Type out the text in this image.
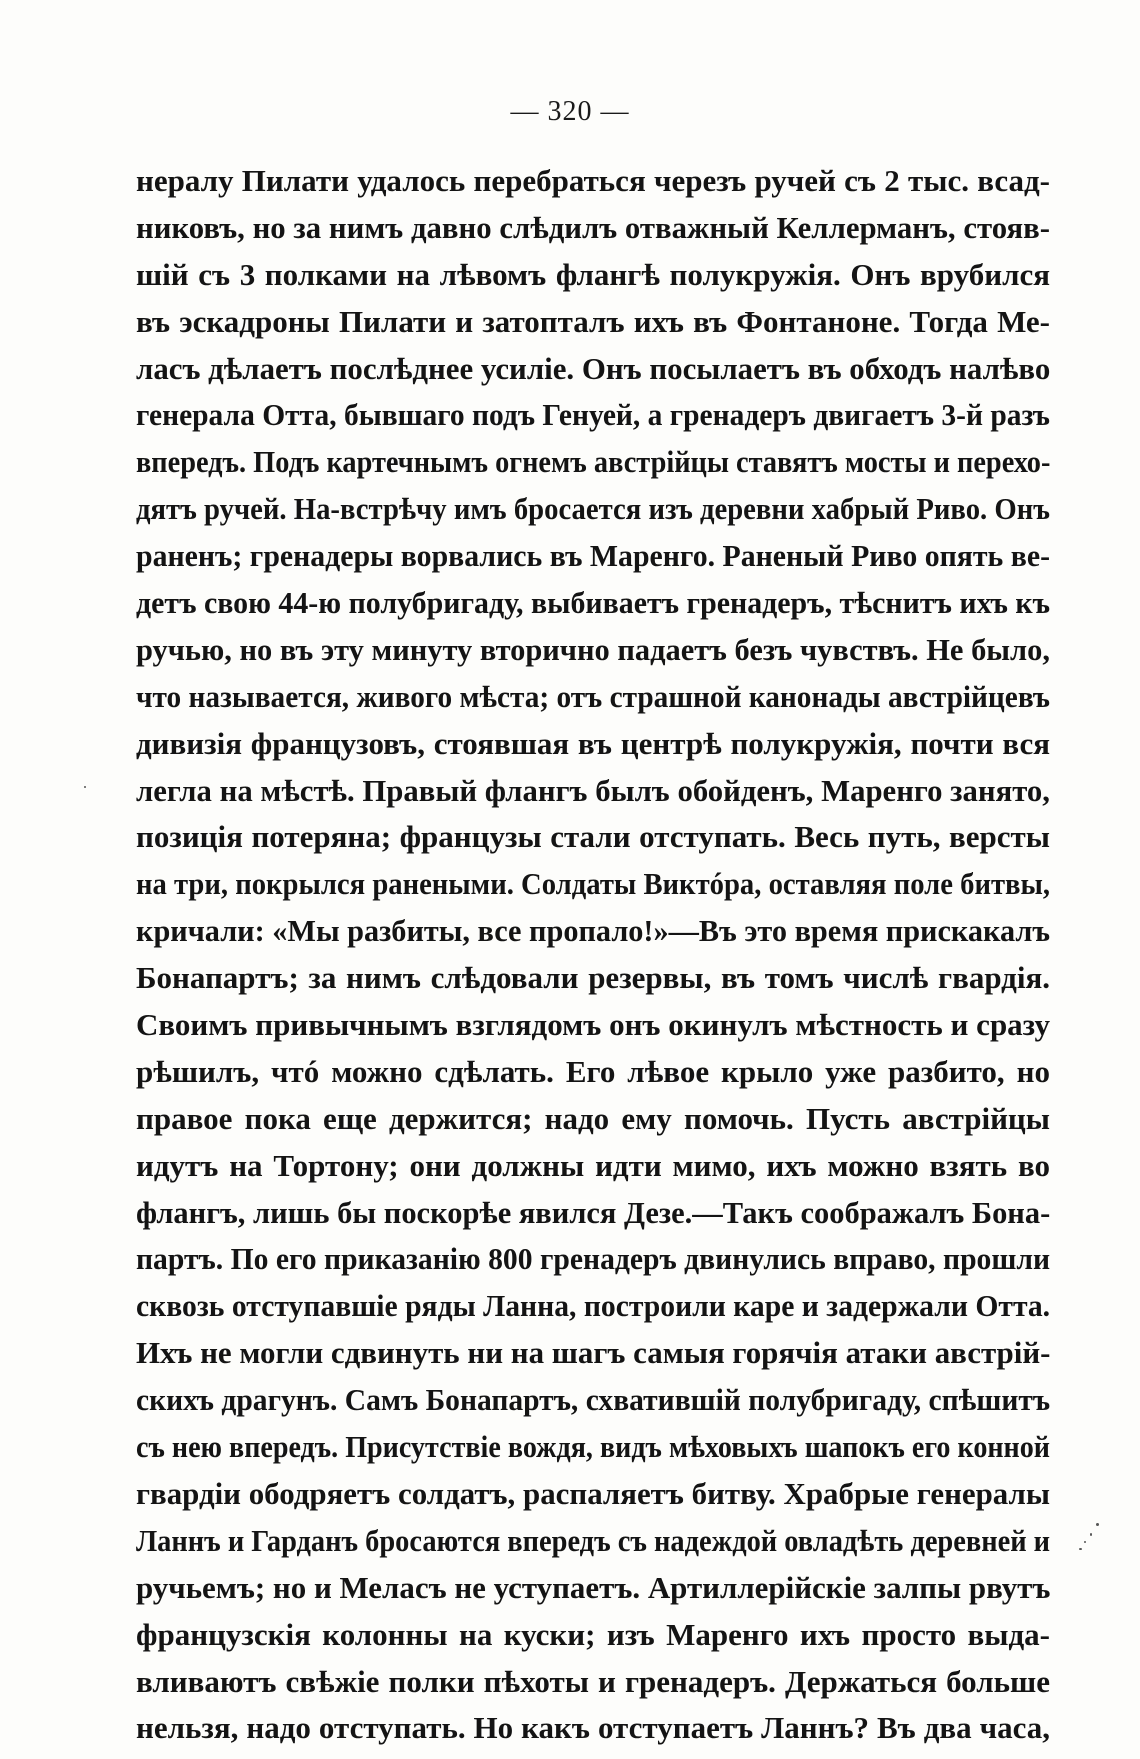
— 320 —
нералу Пилати удалось перебраться черезъ ручей съ 2 тыс. всад-
никовъ, но за нимъ давно слѣдилъ отважный Келлерманъ, стояв-
шій съ 3 полками на лѣвомъ флангѣ полукружія. Онъ врубился
въ эскадроны Пилати и затопталъ ихъ въ Фонтаноне. Тогда Ме-
ласъ дѣлаетъ послѣднее усиліе. Онъ посылаетъ въ обходъ налѣво
генерала Отта, бывшаго подъ Генуей, а гренадеръ двигаетъ 3-й разъ
впередъ. Подъ картечнымъ огнемъ австрійцы ставятъ мосты и перехо-
дятъ ручей. На-встрѣчу имъ бросается изъ деревни хабрый Риво. Онъ
раненъ; гренадеры ворвались въ Маренго. Раненый Риво опять ве-
детъ свою 44-ю полубригаду, выбиваетъ гренадеръ, тѣснитъ ихъ къ
ручью, но въ эту минуту вторично падаетъ безъ чувствъ. Не было,
что называется, живого мѣста; отъ страшной канонады австрійцевъ
дивизія французовъ, стоявшая въ центрѣ полукружія, почти вся
легла на мѣстѣ. Правый флангъ былъ обойденъ, Маренго занято,
позиція потеряна; французы стали отступать. Весь путь, версты
на три, покрылся ранеными. Солдаты Виктóра, оставляя поле битвы,
кричали: «Мы разбиты, все пропало!»—Въ это время прискакалъ
Бонапартъ; за нимъ слѣдовали резервы, въ томъ числѣ гвардія.
Своимъ привычнымъ взглядомъ онъ окинулъ мѣстность и сразу
рѣшилъ, чтó можно сдѣлать. Его лѣвое крыло уже разбито, но
правое пока еще держится; надо ему помочь. Пусть австрійцы
идутъ на Тортону; они должны идти мимо, ихъ можно взять во
флангъ, лишь бы поскорѣе явился Дезе.—Такъ соображалъ Бона-
партъ. По его приказанію 800 гренадеръ двинулись вправо, прошли
сквозь отступавшіе ряды Ланна, построили каре и задержали Отта.
Ихъ не могли сдвинуть ни на шагъ самыя горячія атаки австрій-
скихъ драгунъ. Самъ Бонапартъ, схватившій полубригаду, спѣшитъ
съ нею впередъ. Присутствіе вождя, видъ мѣховыхъ шапокъ его конной
гвардіи ободряетъ солдатъ, распаляетъ битву. Храбрые генералы
Ланнъ и Гарданъ бросаются впередъ съ надеждой овладѣть деревней и
ручьемъ; но и Меласъ не уступаетъ. Артиллерійскіе залпы рвутъ
французскія колонны на куски; изъ Маренго ихъ просто выда-
вливаютъ свѣжіе полки пѣхоты и гренадеръ. Держаться больше
нельзя, надо отступать. Но какъ отступаетъ Ланнъ? Въ два часа,
